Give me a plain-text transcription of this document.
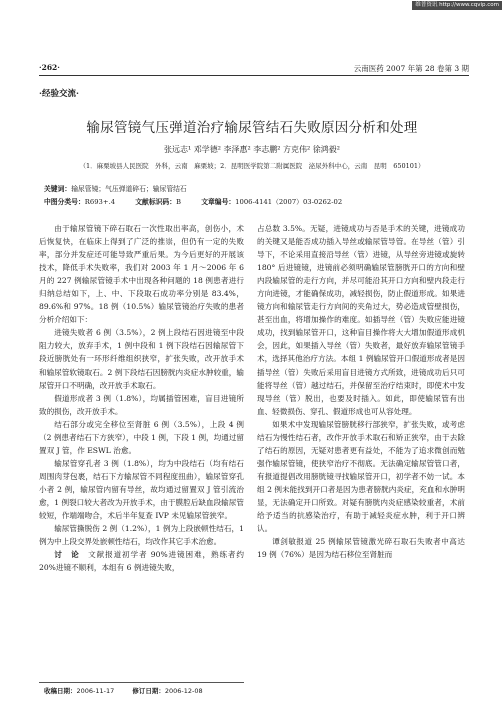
维普资讯 http://www.cqvip.com
·262·	云南医药 2007 年第 28 卷第 3 期
·经验交流·
输尿管镜气压弹道治疗输尿管结石失败原因分析和处理
张远志¹ 邓学德² 李泽惠² 李志鹏² 方克伟² 徐鸿毅²
（1．麻栗坡县人民医院　外科，云南　麻栗坡；2．昆明医学院第二附属医院　泌尿外科中心，云南　昆明　650101）
关键词：输尿管镜；气压弹道碎石；输尿管结石
中图分类号：R693+.4	文献标识码：B	文章编号：1006-4141（2007）03-0262-02

由于输尿管镜下碎石取石一次性取出率高，创伤小，术后恢复快，在临床上得到了广泛的推崇，但仍有一定的失败率，部分并发症还可能导致严重后果。为今后更好的开展该技术，降低手术失败率，我们对 2003 年 1 月～2006 年 6 月的 227 例输尿管镜手术中出现各种问题的 18 例患者进行归纳总结如下，上、中、下段取石成功率分别是 83.4%，89.6%和 97%。18 例（10.5%）输尿管镜治疗失败的患者分析介绍如下：

进镜失败者 6 例（3.5%），2 例上段结石因进镜至中段阻力较大，放弃手术，1 例中段和 1 例下段结石因输尿管下段近膀胱处有一环形纤维组织狭窄，扩张失败，改开放手术和输尿管软镜取石。2 例下段结石因膀胱内炎症水肿较重，输尿管开口不明确，改开放手术取石。

假道形成者 3 例（1.8%），均属插管困难，盲目进镜所致的损伤，改开放手术。

结石部分或完全移位至肾脏 6 例（3.5%），上段 4 例（2 例患者结石下方狭窄），中段 1 例，下段 1 例，均通过留置双 J 管，作 ESWL 治愈。

输尿管穿孔者 3 例（1.8%），均为中段结石（均有结石周围肉芽包裹，结石下方输尿管不同程度扭曲），输尿管穿孔小者 2 例，输尿管内留有导丝，故均通过留置双 J 管引流治愈，1 例裂口较大者改为开放手术，由于膜腔后缺血段输尿管较短，作端端吻合，术后半年复查 IVP 未见输尿管狭窄。

输尿管撕脱伤 2 例（1.2%），1 例为上段嵌顿性结石，1 例为中上段交界处嵌顿性结石，均改作其它手术治愈。

讨　论　 文献报道初学者 90%进镜困难，熟练者约 20%进镜不顺利，本组有 6 例进镜失败，

占总数 3.5%。无疑，进镜成功与否是手术的关键，进镜成功的关键又是能否成功插入导丝或输尿管导管。在导丝（管）引导下，不论采用直接沿导丝（管）进镜，从导丝旁进镜或旋转 180° 后进镜镜，进镜前必须明确输尿管膀胱开口的方向和壁内段输尿管的走行方向，并尽可能沿其开口方向和壁内段走行方向进镜，才能确保成功，减轻损伤，防止假道形成。如果进镜方向和输尿管走行方向间的夹角过大，势必造成管壁损伤，甚至出血，将增加操作的难度。如插导丝（管）失败应能进镜成功，找到输尿管开口，这种盲目操作将大大增加假道形成机会，因此，如果插入导丝（管）失败者，最好放弃输尿管镜手术，选择其他治疗方法。本组 1 例输尿管开口假道形成者是因插导丝（管）失败后采用盲目进镜方式所致，进镜成功后只可能将导丝（管）越过结石，并保留至治疗结束时，即使术中发现导丝（管）脱出，也要及时插入。如此，即使输尿管有出血、轻微损伤、穿孔、假道形成也可从容处理。

如果术中发现输尿管膀胱移行部狭窄，扩张失败，或考虑结石为慢性结石者，改作开放手术取石和矫正狭窄，由于去除了结石的原因，无疑对患者更有益处，不能为了追求微创而勉强作输尿管镜，使狭窄治疗不彻底。无法确定输尿管管口者，有报道提倡改用膀胱镜寻找输尿管开口，初学者不妨一试。本组 2 例未能找到开口者是因为患者膀胱内炎症，充血和水肿明显，无法确定开口所致。对疑有膀胱内炎症感染较重者，术前给予适当的抗感染治疗，有助于减轻炎症水肿，利于开口辨认。

谭剑敏报道 25 例输尿管镜激光碎石取石失败者中高达 19 例（76%）是因为结石移位至肾脏而

收稿日期：2006-11-17	修订日期：2006-12-08
